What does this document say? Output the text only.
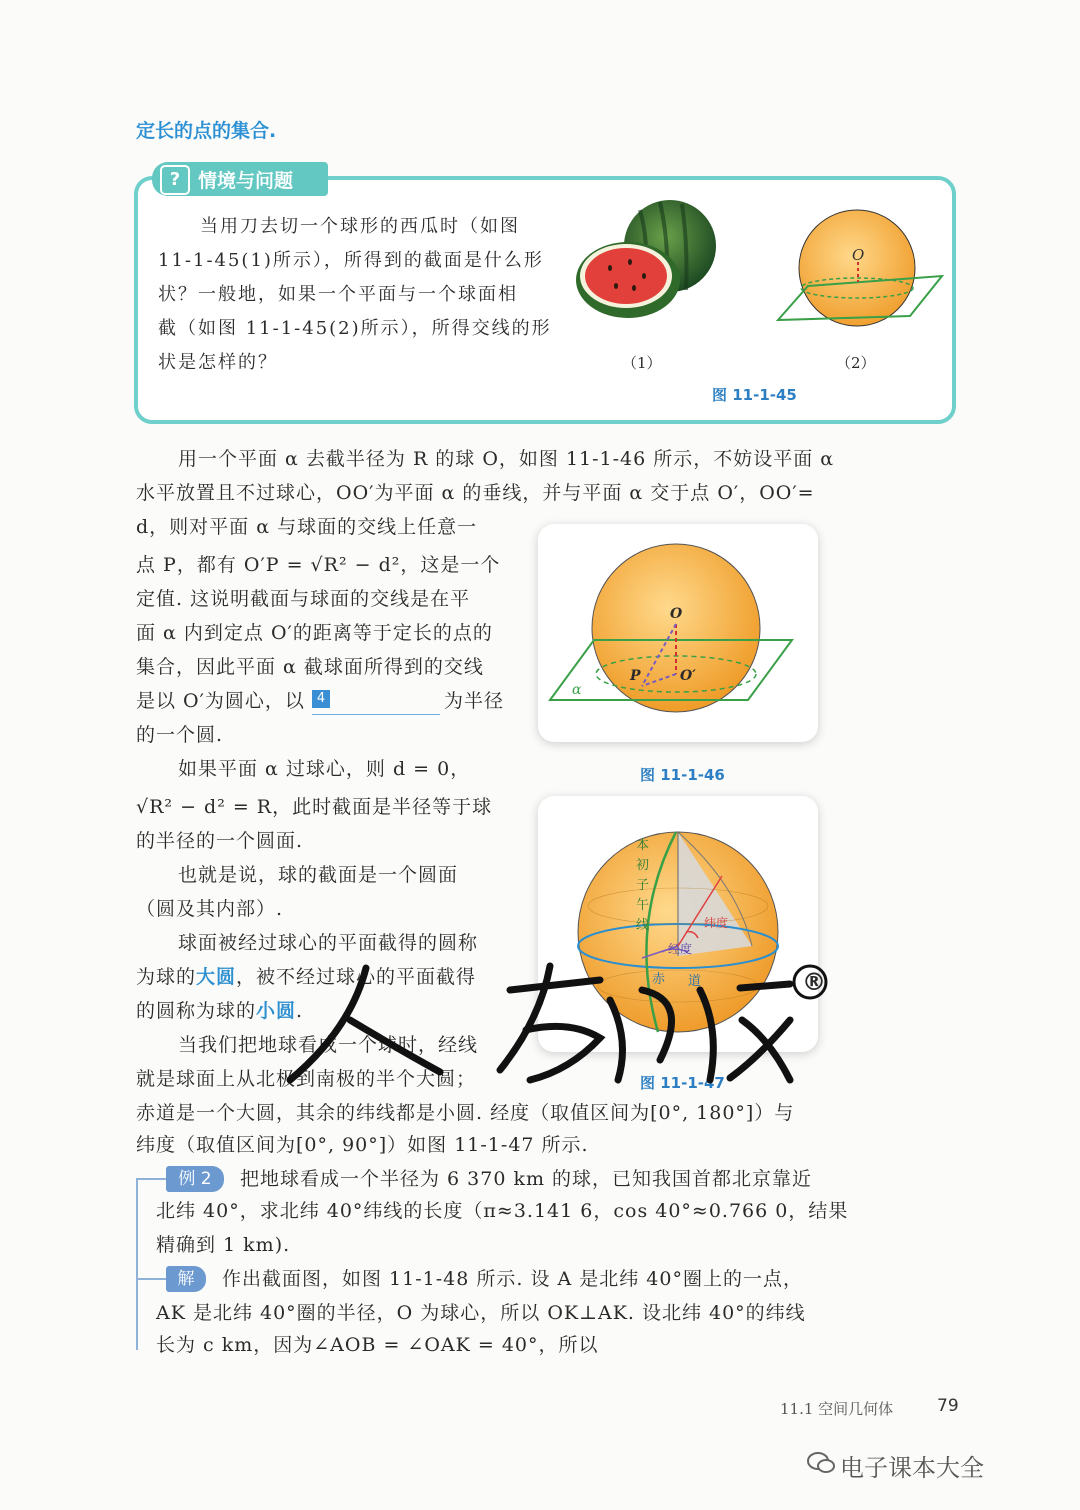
定长的点的集合.
? 情境与问题
当用刀去切一个球形的西瓜时（如图
11-1-45(1)所示），所得到的截面是什么形
状？一般地，如果一个平面与一个球面相
截（如图 11-1-45(2)所示），所得交线的形
状是怎样的？
O
（1）	（2）
图 11-1-45
用一个平面 α 去截半径为 R 的球 O，如图 11-1-46 所示，不妨设平面 α
水平放置且不过球心，OO′为平面 α 的垂线，并与平面 α 交于点 O′，OO′=
d，则对平面 α 与球面的交线上任意一
点 P，都有 O′P = √R² − d²，这是一个
定值. 这说明截面与球面的交线是在平
面 α 内到定点 O′的距离等于定长的点的
集合，因此平面 α 截球面所得到的交线
是以 O′为圆心，以 4	为半径
的一个圆.
O
P	O′
α
图 11-1-46
如果平面 α 过球心，则 d = 0，
√R² − d² = R，此时截面是半径等于球
的半径的一个圆面.
也就是说，球的截面是一个圆面
（圆及其内部）.
球面被经过球心的平面截得的圆称
为球的大圆，被不经过球心的平面截得
的圆称为球的小圆.
当我们把地球看成一个球时，经线
就是球面上从北极到南极的半个大圆；
赤道是一个大圆，其余的纬线都是小圆. 经度（取值区间为[0°, 180°]）与
纬度（取值区间为[0°, 90°]）如图 11-1-47 所示.
本
初
子
午
线	纬度
经度
赤 道
图 11-1-47
®
例 2	把地球看成一个半径为 6 370 km 的球，已知我国首都北京靠近
北纬 40°，求北纬 40°纬线的长度（π≈3.141 6，cos 40°≈0.766 0，结果
精确到 1 km).
解	作出截面图，如图 11-1-48 所示. 设 A 是北纬 40°圈上的一点，
AK 是北纬 40°圈的半径，O 为球心，所以 OK⊥AK. 设北纬 40°的纬线
长为 c km，因为∠AOB = ∠OAK = 40°，所以
11.1 空间几何体	79
电子课本大全
